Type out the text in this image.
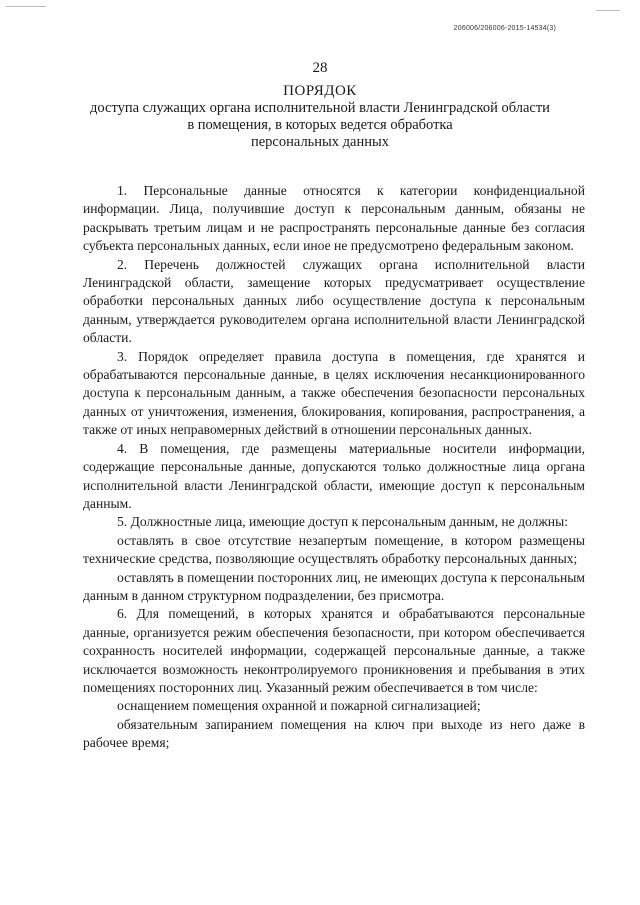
206006/206006-2015-14534(3)
28
ПОРЯДОК
доступа служащих органа исполнительной власти Ленинградской области
в помещения, в которых ведется обработка
персональных данных

1. Персональные данные относятся к категории конфиденциальной информации. Лица, получившие доступ к персональным данным, обязаны не раскрывать третьим лицам и не распространять персональные данные без согласия субъекта персональных данных, если иное не предусмотрено федеральным законом.

2. Перечень должностей служащих органа исполнительной власти Ленинградской области, замещение которых предусматривает осуществление обработки персональных данных либо осуществление доступа к персональным данным, утверждается руководителем органа исполнительной власти Ленинградской области.

3. Порядок определяет правила доступа в помещения, где хранятся и обрабатываются персональные данные, в целях исключения несанкционированного доступа к персональным данным, а также обеспечения безопасности персональных данных от уничтожения, изменения, блокирования, копирования, распространения, а также от иных неправомерных действий в отношении персональных данных.

4. В помещения, где размещены материальные носители информации, содержащие персональные данные, допускаются только должностные лица органа исполнительной власти Ленинградской области, имеющие доступ к персональным данным.

5. Должностные лица, имеющие доступ к персональным данным, не должны:

оставлять в свое отсутствие незапертым помещение, в котором размещены технические средства, позволяющие осуществлять обработку персональных данных;

оставлять в помещении посторонних лиц, не имеющих доступа к персональным данным в данном структурном подразделении, без присмотра.

6. Для помещений, в которых хранятся и обрабатываются персональные данные, организуется режим обеспечения безопасности, при котором обеспечивается сохранность носителей информации, содержащей персональные данные, а также исключается возможность неконтролируемого проникновения и пребывания в этих помещениях посторонних лиц. Указанный режим обеспечивается в том числе:

оснащением помещения охранной и пожарной сигнализацией;

обязательным запиранием помещения на ключ при выходе из него даже в рабочее время;
